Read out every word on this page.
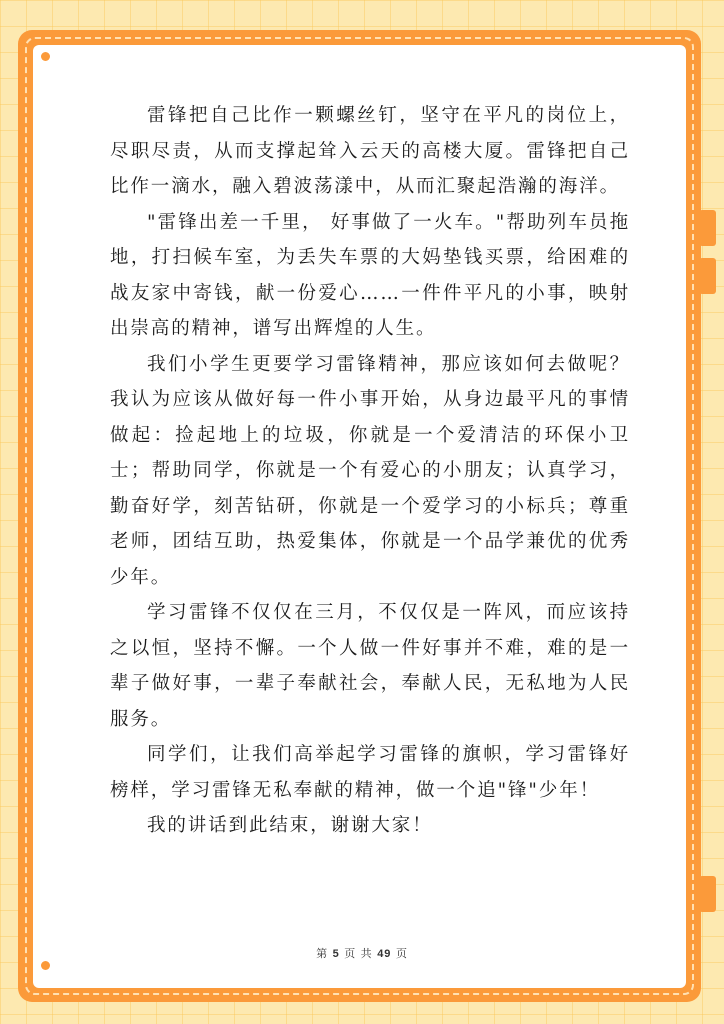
雷锋把自己比作一颗螺丝钉，坚守在平凡的岗位上，尽职尽责，从而支撑起耸入云天的高楼大厦。雷锋把自己比作一滴水，融入碧波荡漾中，从而汇聚起浩瀚的海洋。

"雷锋出差一千里， 好事做了一火车。"帮助列车员拖地，打扫候车室，为丢失车票的大妈垫钱买票，给困难的战友家中寄钱，献一份爱心……一件件平凡的小事，映射出崇高的精神，谱写出辉煌的人生。

我们小学生更要学习雷锋精神，那应该如何去做呢？我认为应该从做好每一件小事开始，从身边最平凡的事情做起：捡起地上的垃圾，你就是一个爱清洁的环保小卫士；帮助同学，你就是一个有爱心的小朋友；认真学习，勤奋好学，刻苦钻研，你就是一个爱学习的小标兵；尊重老师，团结互助，热爱集体，你就是一个品学兼优的优秀少年。

学习雷锋不仅仅在三月，不仅仅是一阵风，而应该持之以恒，坚持不懈。一个人做一件好事并不难，难的是一辈子做好事，一辈子奉献社会，奉献人民，无私地为人民服务。

同学们，让我们高举起学习雷锋的旗帜，学习雷锋好榜样，学习雷锋无私奉献的精神，做一个追"锋"少年！

我的讲话到此结束，谢谢大家！

第 5 页 共 49 页
